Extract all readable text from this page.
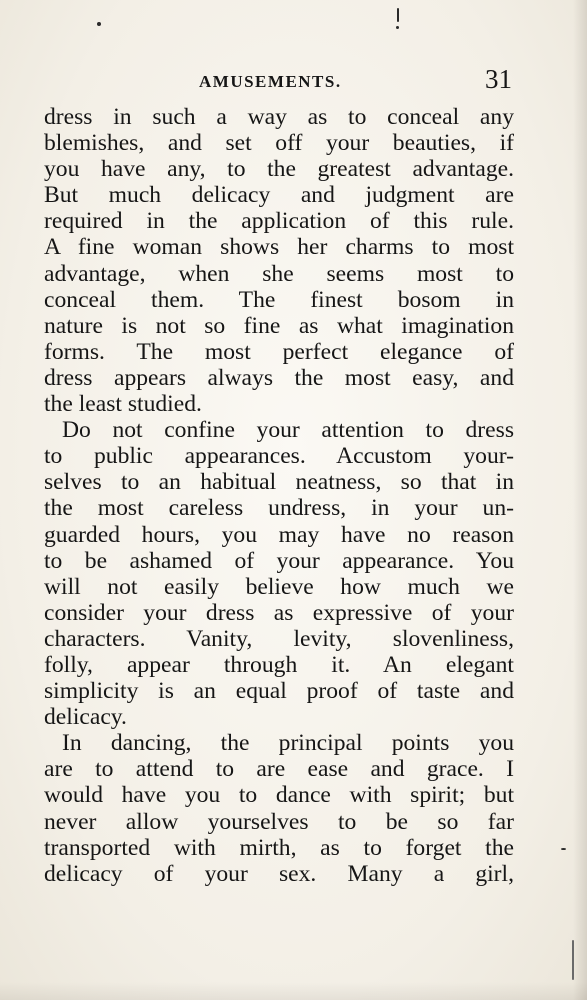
AMUSEMENTS.	31
dress in such a way as to conceal any
blemishes, and set off your beauties, if
you have any, to the greatest advantage.
But much delicacy and judgment are
required in the application of this rule.
A fine woman shows her charms to most
advantage, when she seems most to
conceal them. The finest bosom in
nature is not so fine as what imagination
forms. The most perfect elegance of
dress appears always the most easy, and
the least studied.
Do not confine your attention to dress
to public appearances. Accustom your-
selves to an habitual neatness, so that in
the most careless undress, in your un-
guarded hours, you may have no reason
to be ashamed of your appearance. You
will not easily believe how much we
consider your dress as expressive of your
characters. Vanity, levity, slovenliness,
folly, appear through it. An elegant
simplicity is an equal proof of taste and
delicacy.
In dancing, the principal points you
are to attend to are ease and grace. I
would have you to dance with spirit; but
never allow yourselves to be so far
transported with mirth, as to forget the
delicacy of your sex. Many a girl,
